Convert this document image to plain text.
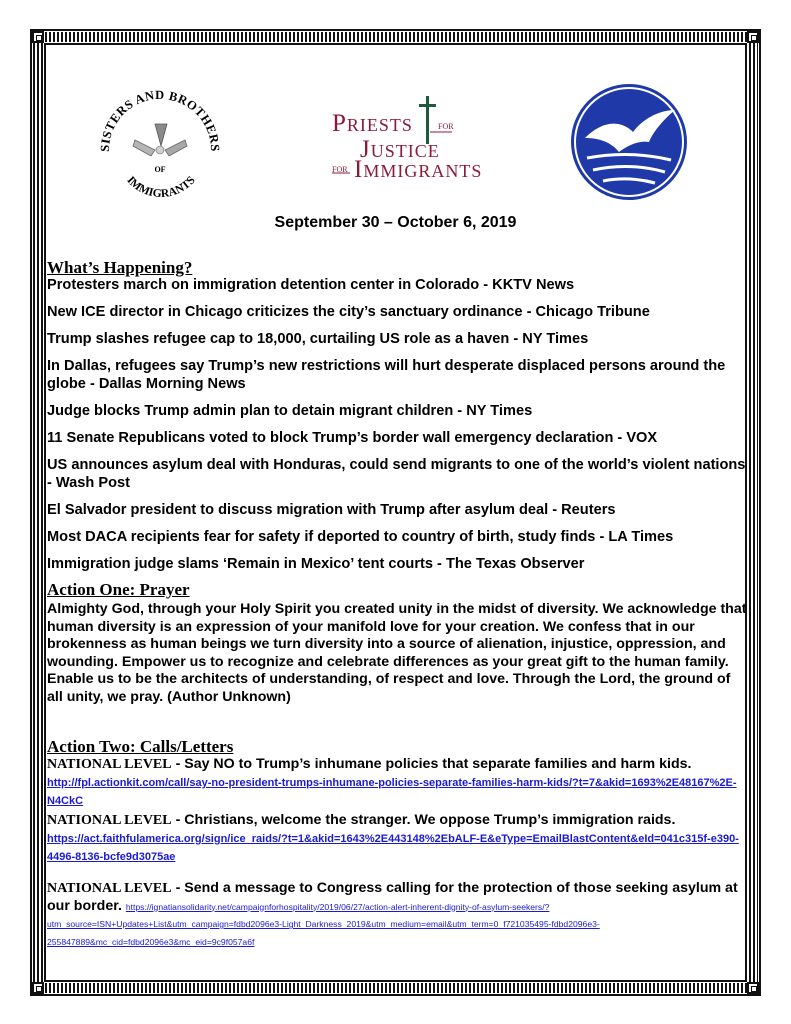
SISTERS AND BROTHERS
IMMIGRANTS
OF
Priests for
Justice
for Immigrants
September 30 – October 6, 2019
What’s Happening?

Protesters march on immigration detention center in Colorado - KKTV News

New ICE director in Chicago criticizes the city’s sanctuary ordinance - Chicago Tribune

Trump slashes refugee cap to 18,000, curtailing US role as a haven - NY Times

In Dallas, refugees say Trump’s new restrictions will hurt desperate displaced persons around the globe - Dallas Morning News

Judge blocks Trump admin plan to detain migrant children - NY Times

11 Senate Republicans voted to block Trump’s border wall emergency declaration - VOX

US announces asylum deal with Honduras, could send migrants to one of the world’s violent nations - Wash Post

El Salvador president to discuss migration with Trump after asylum deal - Reuters

Most DACA recipients fear for safety if deported to country of birth, study finds - LA Times

Immigration judge slams ‘Remain in Mexico’ tent courts - The Texas Observer

Action One: Prayer

Almighty God, through your Holy Spirit you created unity in the midst of diversity. We acknowledge that human diversity is an expression of your manifold love for your creation. We confess that in our brokenness as human beings we turn diversity into a source of alienation, injustice, oppression, and wounding. Empower us to recognize and celebrate differences as your great gift to the human family. Enable us to be the architects of understanding, of respect and love. Through the Lord, the ground of all unity, we pray. (Author Unknown)

Action Two: Calls/Letters

NATIONAL LEVEL - Say NO to Trump’s inhumane policies that separate families and harm kids. http://fpl.actionkit.com/call/say-no-president-trumps-inhumane-policies-separate-families-harm-kids/?t=7&akid=1693%2E48167%2E-N4CkC

NATIONAL LEVEL - Christians, welcome the stranger. We oppose Trump’s immigration raids. https://act.faithfulamerica.org/sign/ice_raids/?t=1&akid=1643%2E443148%2EbALF-E&eType=EmailBlastContent&eId=041c315f-e390-4496-8136-bcfe9d3075ae

NATIONAL LEVEL - Send a message to Congress calling for the protection of those seeking asylum at our border. https://ignatiansolidarity.net/campaignforhospitality/2019/06/27/action-alert-inherent-dignity-of-asylum-seekers/?utm_source=ISN+Updates+List&utm_campaign=fdbd2096e3-Light_Darkness_2019&utm_medium=email&utm_term=0_f721035495-fdbd2096e3-255847889&mc_cid=fdbd2096e3&mc_eid=9c9f057a6f
